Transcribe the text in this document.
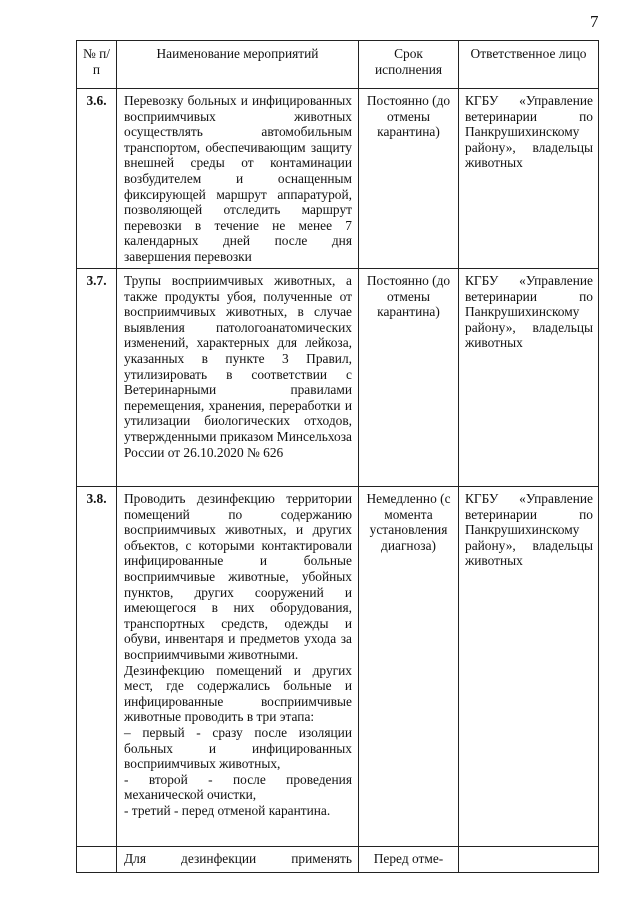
7
№ п/п	Наименование мероприятий	Срок исполнения	Ответственное лицо
3.6.	Перевозку больных и инфицированных восприимчивых животных осуществлять автомобильным транспортом, обеспечивающим защиту внешней среды от контаминации возбудителем и оснащенным фиксирующей маршрут аппаратурой, позволяющей отследить маршрут перевозки в течение не менее 7 календарных дней после дня завершения перевозки	Постоянно (до отмены карантина)	КГБУ «Управление ветеринарии по Панкрушихинскому району», владельцы животных
3.7.	Трупы восприимчивых животных, а также продукты убоя, полученные от восприимчивых животных, в случае выявления патологоанатомических изменений, характерных для лейкоза, указанных в пункте 3 Правил, утилизировать в соответствии с Ветеринарными правилами перемещения, хранения, переработки и утилизации биологических отходов, утвержденными приказом Минсельхоза России от 26.10.2020 № 626	Постоянно (до отмены карантина)	КГБУ «Управление ветеринарии по Панкрушихинскому району», владельцы животных
3.8.	Проводить дезинфекцию территории помещений по содержанию восприимчивых животных, и других объектов, с которыми контактировали инфицированные и больные восприимчивые животные, убойных пунктов, других сооружений и имеющегося в них оборудования, транспортных средств, одежды и обуви, инвентаря и предметов ухода за восприимчивыми животными.
Дезинфекцию помещений и других мест, где содержались больные и инфицированные восприимчивые животные проводить в три этапа:
– первый - сразу после изоляции больных и инфицированных восприимчивых животных,
- второй - после проведения механической очистки,
- третий - перед отменой карантина.	Немедленно (с момента установления диагноза)	КГБУ «Управление ветеринарии по Панкрушихинскому району», владельцы животных

	Для дезинфекции применять	Перед отме-	
